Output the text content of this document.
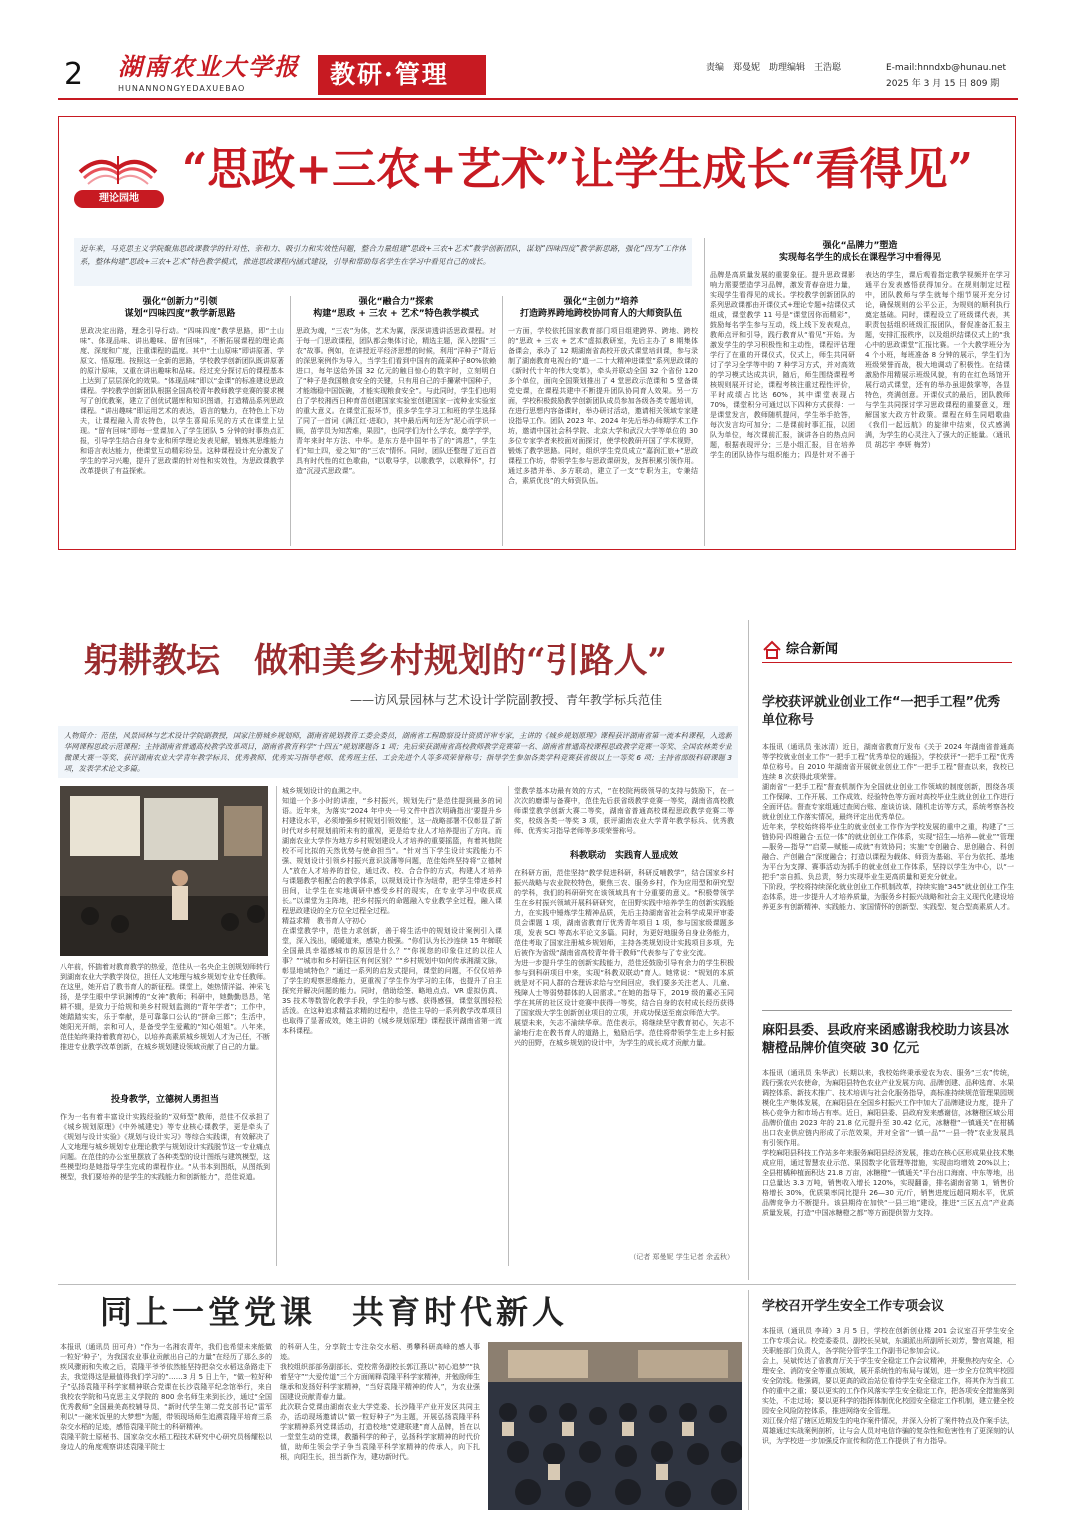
2 湖南农业大学报
HUNANNONGYEDAXUEBAO	教研·管理	责编　郑曼妮　助理编辑　王浩聪	E-mail:hnndxb@hunau.net
2025 年 3 月 15 日 809 期
理论园地
“思政+三农+艺术”让学生成长“看得见”
近年来，马克思主义学院聚焦思政课教学的针对性、亲和力、吸引力和实效性问题，整合力量组建“思政+三农+艺术”教学创新团队，谋划“四味四度”教学新思路，强化“四为”工作体系，整体构建“思政+三农+艺术”特色教学模式，推进思政课程内涵式建设，引导和帮助每名学生在学习中看见自己的成长。
强化“创新力”引领
谋划“四味四度”教学新思路
思政决定出路，理念引导行动。“四味四度”教学思路，即“土山味”、体现品味、讲出趣味、留有回味”，不断拓展课程的理论高度、深度和广度，注重课程的温度。其中“土山原味”即讲原著、学原文、悟原理。按照这一全新的思路，学校教学创新团队既讲原著的原汁原味，又重在讲出趣味和品味。经过充分探讨后的课程基本上达到了层层深化的效果。“体现品味”即以“金课”的标准建设思政课程。学校教学创新团队根据全国高校青年教师教学竞赛的要求模写了创优教案，建立了创优试题库和知识图谱，打造精品系列思政课程。“讲出趣味”即运用艺术的表达，语言的魅力，在特色上下功夫，让课程融入青农特色，以学生喜闻乐见的方式在课堂上呈现。“留有回味”即每一堂课加入了学生团队 5 分钟的时事热点汇报，引导学生结合自身专业和所学理论发表见解，锻炼其思维能力和语言表达能力，使课堂互动精彩纷呈。这种课程设计充分激发了学生的学习兴趣，提升了思政课的针对性和实效性，为思政课教学改革提供了有益探索。
强化“融合力”探索
构建“思政 + 三农 + 艺术”特色教学模式
思政为魂，“三农”为体，艺术为翼，深深讲透讲活思政课程。对于每一门思政课程，团队都会集体讨论，精选主题，深入挖掘“三农”故事。例如，在讲授近平经济思想的时候，利用“洋种子”背后的深思案例作为导入，当学生们看到中国有的蔬菜种子80%依赖进口，每年送给外国 32 亿元的触目惊心的数字时，立刻明白了“种子是我国粮食安全的关键，只有用自己的手攥紧中国种子，才能端稳中国饭碗，才能实现粮食安全”。与此同时，学生们也明白了学校湘西日种育苗创建国家实验室创建国家一流种业实验室的重大意义。在课堂汇报环节，很多学生学习工和班的学生选择了同了一首词《满江红·进取》，其中最后两句还为“泥心而学识一顾，苗学员为知苦难，果园”，也同学们为什么学农，奠学学学，青年来时年方法、中华。是东方是中国年书了的“鸿恩”，学生们“知土四，爱之知”的“三农”情怀。同时，团队还整理了近百首具有时代性的红色歌曲，“以歌导学，以歌教学，以歌释怀”，打造“沉浸式思政课”。
强化“主创力”培养
打造跨界跨地跨校协同育人的大师资队伍
一方面，学校依托国家教育部门项目组建跨界、跨地、跨校的“思政 + 三农 + 艺术”虚拟教研室，先后主办了 8 期集体备课会，承办了 12 期湖南省高校开放式课堂培训课，参与录制了湖南教育电视台的“道一二十大精神进课堂”系列思政课的《新时代十年的伟大变革》，牵头并联动全国 32 个省份 120 多个单位，面向全国策划推出了 4 堂思政示范课和 5 堂备课党史课，在课程共建中不断提升团队协同育人效果。另一方面，学校积极鼓励教学创新团队成员参加各级各类专题培训，在进行思想内容备课时，举办研讨活动，邀请相关领域专家建设指导工作。团队 2023 年、2024 年先后举办师期学术工作坊，邀请中国社会科学院、北京大学和武汉大学等单位的 30 多位专家学者来校面对面探讨，使学校教研开国了学术视野，锻炼了教学思路。同时，组织学生党员成立“嘉润汇旅+”思政课程工作坊，带领学生参与思政课研发，发挥积累引领作用。通过多措并举、多方联动，建立了一支“专职为主，专兼结合，素质优良”的大师资队伍。
强化“品牌力”塑造
实现每名学生的成长在课程学习中看得见
品牌是高质量发展的重要象征。提升思政课影响力需要塑造学习品牌，激发青春奋进力量，实现学生看得见的成长。学校教学创新团队的系列思政课都由开课仪式+理论专题+结课仪式组成，课堂教学 11 号是“课堂因你而精彩”，鼓励每名学生参与互动，线上线下发表观点，教师点评和引导，践行教育从“看见”开始。为激发学生的学习积极性和主动性，课程评估理学行了在重的开课仪式，仪式上，师生共同研讨了学习全学等中的 7 种学习方式，并对高效的学习模式达成共识，随后，师生围绕课程考核规则展开讨论，课程考核注重过程性评价，平时成绩占比达 60%，其中课堂表现占 70%，课堂积分可通过以下四种方式获得：一是课堂发言，教师随机提问，学生举手抢答，每次发言均可加分；二是课前时事汇报，以团队为单位，每次课前汇报，演讲各自的热点问题，根据表现评分；三是小组汇报，目在培养学生的团队协作与组织能力；四是针对不善于表达的学生，课后观看指定教学视频并在学习通平台发表感悟获得加分。在规则制定过程中，团队教师与学生就每个细节展开充分讨论，确保规则的公平公正，为规则的顺利执行奠定基础。同时，课程设立了班级课代表，其职责包括组织班级汇报团队，督促准备汇报主题，安排汇报秩序，以及组织结课仪式上的“我心中的思政课堂”汇报比赛。一个大教学班分为 4 个小班，每班准备 8 分钟的展示，学生们为班级荣誉而战，极大地调动了积极性。在结课激励作用精展示班级风貌，有的在红色场馆开展行动式课堂，还有的举办虽迎鼓掌等，各显特色，亮满创意。开课仪式的最后，团队教师与学生共同探讨学习思政课程的重要意义，理解国家大政方针政策。课程在师生同唱歌曲《我们一起远航》的旋律中结束，仪式感满满，为学生的心灵注入了强大的正能量。（通讯员 胡芯宇 李妍 梅芳）
躬耕教坛　做和美乡村规划的“引路人”
——访风景园林与艺术设计学院副教授、青年教学标兵范佳
人物简介：范佳，风景园林与艺术设计学院副教授，国家注册城乡规划师，湖南省规划教育工委会委员，湖南省工程勘察设计资质评审专家，主讲的《城乡规划原理》课程获评湖南省第一流本科课程，入选新华网课程思政示范课程；主持湖南省普通高校教学改革项目，湖南省教育科学“十四五”规划课题各 1 项；先后荣获湖南省高校教师教学竞赛第一名、湖南省普通高校课程思政教学竞赛一等奖、全国农林类专业微课大赛一等奖、获评湖南农业大学青年教学标兵、优秀教师、优秀实习指导老师、优秀班主任、工会先进个人等多项荣誉称号；指导学生参加各类学科竞赛获省级以上一等奖 6 项；主持省部级科研课题 3 项，发表学术论文多篇。
八年前，怀揣着对教育教学的热爱，范佳从一名央企主创规划师转行到湖南农业大学教学岗位，担任人文地理与城乡规划专业专任教师。在这里，她开启了教书育人的新征程。课堂上，她热情洋溢、神采飞扬，是学生眼中学识渊博的“女神”教师；科研中，她勤勤恳恳，笔耕不辍，是致力于给规和美乡村规划监测的“青年学者”；工作中，她踏踏实实，乐于奉献，是可靠靠口公认的“拼命三郎”；生活中，她阳光开朗，亲和可人，是备受学生爱戴的“知心姐姐”。八年来，范佳始终秉持着教育初心，以培养高素质城乡规划人才为己任，不断推进专业教学改革创新，在城乡规划建设领域贡献了自己的力量。
投身教学，立德树人勇担当
作为一名有着丰富设计实践经验的“双师型”教师，范佳不仅承担了《城乡规划原理》《中外城建史》等专业核心课教学，更是牵头了《规划与设计实验》《规划与设计实习》等综合实践课，有效解决了人文地理与城乡规划专业理论教学与规划设计实践脱节这一专业痛点问题。在范佳的办公室里摆放了各种类型的设计图纸与建筑模型，这些模型均是她指导学生完成的课程作业。“从书本到图纸，从图纸到模型，我们要培养的是学生的实践能力和创新能力”，范佳说道。
城乡规划设计的血溯之中。
知道一个多小时的讲座，“乡村振兴，规划先行”是范佳提到最多的词语。近年来，为落实“2024 年中央一号文件中首次明确指出‘要提升乡村建设水平，必须增强乡村规划引领效能’，这一战略部署不仅彰显了新时代对乡村规划前所未有的重视，更是给专业人才培养提出了方向。而湖南农业大学作为地方乡村规划建设人才培养的重要摇篮，有着其他院校不可比拟的天然优势与使命担当”。“针对当下学生设计实践能力不强、规划设计引领乡村振兴意识淡薄等问题，范佳始终坚持将“立德树人”放在人才培养的首位，通过改、校、合合作的方式，构建人才培养与课题教学相配合的教学体系，以规划设计作为纽带，把学生带进乡村田间，让学生在实地调研中感受乡村的现实，在专业学习中收获成长。”以课堂为主阵地，把乡村振兴的命题融入专业教学全过程，融入课程思政建设的全方位全过程全过程。
精益求精　教书育人守初心
在课堂教学中，范佳力求创新，善于将生活中的规划设计案例引入课堂，深入浅出，暖暖道来，感染力极强。“你们认为长沙连续 15 年蝉联全国最具幸福感城市的原因是什么？”“你视您的印象住过的以往人事？”“城市和乡村研往区有何区别？”“乡村规划中如何传承湘湖文脉，彰显地域特色？”通过一系列的启发式提问，课堂的问题，不仅仅培养了学生的观察思维能力，更重视了学生作为学习的主体，也提升了自主探究并解决问题的能力。同时，借助绘签、略地点点、VR 虚拟仿真、3S 技术等数智化教学手段，学生的参与感、获得感强，课堂氛围轻松活泼。在这种追求精益求精的过程中，范佳主导的一系列教学改革项目也取得了显著成效，她主讲的《城乡规划原理》课程获评湖南省第一流本科课程。
堂教学基本功最有效的方式，“在校院两级领导的支持与鼓励下，在一次次的磨课与备赛中，范佳先后获省级教学竞赛一等奖，湖南省高校教师课堂教学创新大赛二等奖，湖南省普通高校课程思政教学竞赛二等奖，校级各类一等奖 3 项，获评湖南农业大学青年教学标兵、优秀教师、优秀实习指导老师等多项荣誉称号。
科教联动　实践育人显成效
在科研方面，范佳坚持“教学促进科研，科研反哺教学”，结合国家乡村振兴战略与农业院校特色，聚焦三农、服务乡村，作为应用型和研究型的学科，我们的科研研究在该领域具有十分重要的意义。“积极带领学生在乡村振兴领域开展科研研究，在田野实践中培养学生的创新实践能力，在实践中锤炼学生精神品质，先后主持湖南省社会科学成果评审委员会课题 1 项，湖南省教育厅优秀青年项目 1 项，参与国家级课题多项，发表 SCI 等高水平论文多篇。同时，为更好地服务自身业务能力，范佳考取了国家注册城乡规划师，主持各类规划设计实践项目多项，先后被作为省级“湖南省高校青年骨干教师”代表参与了专业交流。
为进一步提升学生的创新实践能力，范佳还鼓励引导有余力的学生积极参与到科研项目中来，实现“科教双联动”育人。她常说：“规划的本质就是对不同人群的合理诉求给与空间回应，我们要多关注老人、儿童、残障人士等弱势群体的人居需求。”在她的指导下，2019 级的董必玉同学在其所的社区设计竞赛中获得一等奖，结合自身的农村成长经历获得了国家级大学生创新创业项目的立项，并成功保送至南京师范大学。
展望未来，矢志不渝续华章。范佳表示，将继续坚守教育初心，矢志不渝地行走在教书育人的道路上，勉励后学。范佳将带领学生走上乡村振兴的田野，在城乡规划的设计中，为学生的成长成才贡献力量。
（记者 郑曼妮 学生记者 余孟秋）
综合新闻
学校获评就业创业工作“一把手工程”优秀单位称号
本报讯（通讯员 张冰清）近日，湖南省教育厅发布《关于 2024 年湖南省普通高等学校就业创业工作“一把手工程”优秀单位的通报》，学校获评“一把手工程”优秀单位称号。自 2010 年湖南省开展就业创业工作“一把手工程”督查以来，我校已连续 8 次获得此项荣誉。
湖南省“一把手工程”督查机制作为全国就业创业工作领域的制度创新，围绕各项工作保障、工作开展、工作成效、经验特色等方面对高校毕业生就业创业工作进行全面评估。督查专家组通过查阅台账、座谈访谈、随机走访等方式，系统考察各校就业创业工作落实情况，最终评定出优秀单位。
近年来，学校始终将毕业生的就业创业工作作为学校发展的重中之重，构建了“三链协同·四维融合·五位一体”的就业创业工作体系，实现“招生—培养—就业”“管理—服务—指导”“启蒙—赋能—成就”有效协同；实施“专创融合、思创融合、科创融合、产创融合”深度融合；打造以课程为载体、师资为基础、平台为依托、基地为平台为支撑、赛事活动为抓手的就业创业工作体系，坚持以学生为中心，以“一把手”亲自抓、负总责，努力实现毕业生更高质量和更充分就业。
下阶段，学校将持续深化就业创业工作机制改革，持续实施“345”就业创业工作生态体系，进一步提升人才培养质量，为服务乡村振兴战略和社会主义现代化建设培养更多有创新精神、实践能力、家国情怀的创新型、实践型、复合型高素质人才。
麻阳县委、县政府来函感谢我校助力该县冰糖橙品牌价值突破 30 亿元
本报讯（通讯员 朱华武）长期以来，我校始终秉承爱农为农、服务“三农”传统，践行强农兴农使命，为麻阳县特色农业产业发展方向、品牌创建、品种选育、水果调控体系、新技术推广、技术培训与社会化服务指导，高标准持续规范管理果园规模化生产集体发展，在麻阳县在全国乡村振兴工作中加大了品牌建设力度，提升了核心竞争力和市场占有率。近日，麻阳县委、县政府发来感谢信，冰糖橙区域公用品牌价值由 2023 年的 21.8 亿元提升至 30.42 亿元，冰糖橙“一镇通关”在柑橘出口农业供应链内形成了示范效果，并对全省“一镇一品”“一县一特”农业发展具有引领作用。
学校麻阳县科技工作站多年来服务麻阳县经济发展，推动在核心区形成果业技术集成应用，通过智慧农业示范、果园数字化管理等措施，实现亩均增效 20%以上；全县柑橘种植面积达 21.8 万亩，冰糖橙“一镇通关”平台出口海南、中东等地，出口总量达 3.3 万吨，销售收入增长 120%，实现翻番，排名湖南省第 1，销售价格增长 30%，优质果率同比提升 26—30 元/斤，销售进度远超同期水平，优质品牌竞争力不断提升。该县期待在加快“一县三地”建设，推进“三区五点”产业高质量发展，打造“中国冰糖橙之都”等方面提供智力支持。
同上一堂党课　共育时代新人
本报讯（通讯员 田可舟）“作为一名湘农青年，我们也希望未来能做一粒好‘种子’，为我国农业事业贡献出自己的力量”在经历了那么多的疾风骤雨和失败之后，袁隆平爷爷依然能坚持把杂交水稻这条路走下去，我觉得这是最值得我们学习的”……3 月 5 日上午，“做一粒好种子”弘扬袁隆平科学家精神联合党课在长沙袁隆平纪念馆举行，来自我校农学院和马克思主义学院的 800 余名师生来到长沙，通过“全国优秀教师”全国最美高校辅导员、“新时代学生第二党支部书记”雷军利以“一碗米饭里的大梦想”为题，带领现场师生追溯袁隆平培育三系杂交水稻的足迹，感悟袁隆平院士的科研精神。
袁隆平院士原秘书、国家杂交水稻工程技术研究中心研究员杨耀松以身边人的角度观察讲述袁隆平院士
的科研人生，分享院士专注杂交水稻、勇攀科研高峰的感人事迹。
我校组织部部务副部长、党校常务副校长郭江燕以“初心追梦”“执着坚守”“大爱传道”三个方面阐释袁隆平科学家精神，并勉励师生继承和发扬好科学家精神，“当好袁隆平精神的传人”，为农业强国建设贡献青春力量。
此次联合党课由湖南农业大学党委、长沙隆平产业开发区共同主办，活动现场邀请以“做一粒好种子”为主题，开展弘扬袁隆平科学家精神系列党课活动，打造校地“党建联建”育人品牌，旨在以一堂堂生动的党课，教播科学的种子，弘扬科学家精神的时代价值，助师生领会学子争当袁隆平科学家精神的传承人，向下扎根，向阳生长，担当新作为，建功新时代。
学校召开学生安全工作专项会议
本报讯（通讯员 李琦）3 月 5 日，学校在创新创业楼 201 会议室召开学生安全工作专项会议。校党委委员、副校长吴斌，东湖派出所副所长刘芳，警官周雄，相关职能部门负责人，各学院分管学生工作副书记参加会议。
会上，吴斌传达了省教育厅关于学生安全稳定工作会议精神，并聚焦校内安全、心理安全、消防安全等重点领域，展开系统性的布局与谋划，进一步全方位筑牢校园安全防线。他强调，要以更高的政治站位看待学生安全稳定工作，将其作为当前工作的重中之重；要以更实的工作作风落实学生安全稳定工作，把各项安全措施落到实处，不走过场；要以更科学的指挥体制优化校园安全稳定工作机制，建立健全校园安全风险防控体系，推进网络安全管理。
刘江保介绍了辖区近期发生的电诈案件情况，并深入分析了案件特点及作案手法，周雄通过实战案例剖析，让与会人员对电信诈骗的复杂性和危害性有了更深刻的认识，为学校进一步加强反诈宣传和防范工作提供了有力指导。
